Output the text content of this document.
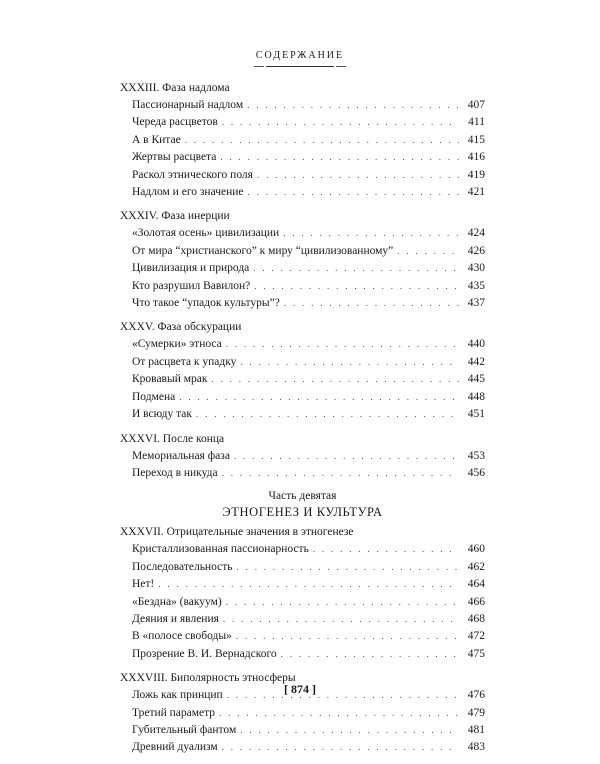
СОДЕРЖАНИЕ
XXXIII. Фаза надлома
Пассионарный надлом . . .	407
Череда расцветов . . .	411
А в Китае . . .	415
Жертвы расцвета . . .	416
Раскол этнического поля . . .	419
Надлом и его значение . . .	421
XXXIV. Фаза инерции
«Золотая осень» цивилизации . . .	424
От мира “христианского” к миру “цивилизованному” . . .	426
Цивилизация и природа . . .	430
Кто разрушил Вавилон? . . .	435
Что такое “упадок культуры”? . . .	437
XXXV. Фаза обскурации
«Сумерки» этноса . . .	440
От расцвета к упадку . . .	442
Кровавый мрак . . .	445
Подмена . . .	448
И всюду так . . .	451
XXXVI. После конца
Мемориальная фаза . . .	453
Переход в никуда . . .	456
Часть девятая
ЭТНОГЕНЕЗ И КУЛЬТУРА
XXXVII. Отрицательные значения в этногенезе
Кристаллизованная пассионарность . . .	460
Последовательность . . .	462
Нет! . . .	464
«Бездна» (вакуум) . . .	466
Деяния и явления . . .	468
В «полосе свободы» . . .	472
Прозрение В. И. Вернадского . . .	475
XXXVIII. Биполярность этносферы
Ложь как принцип . . .	476
Третий параметр . . .	479
Губительный фантом . . .	481
Древний дуализм . . .	483
[ 874 ]
